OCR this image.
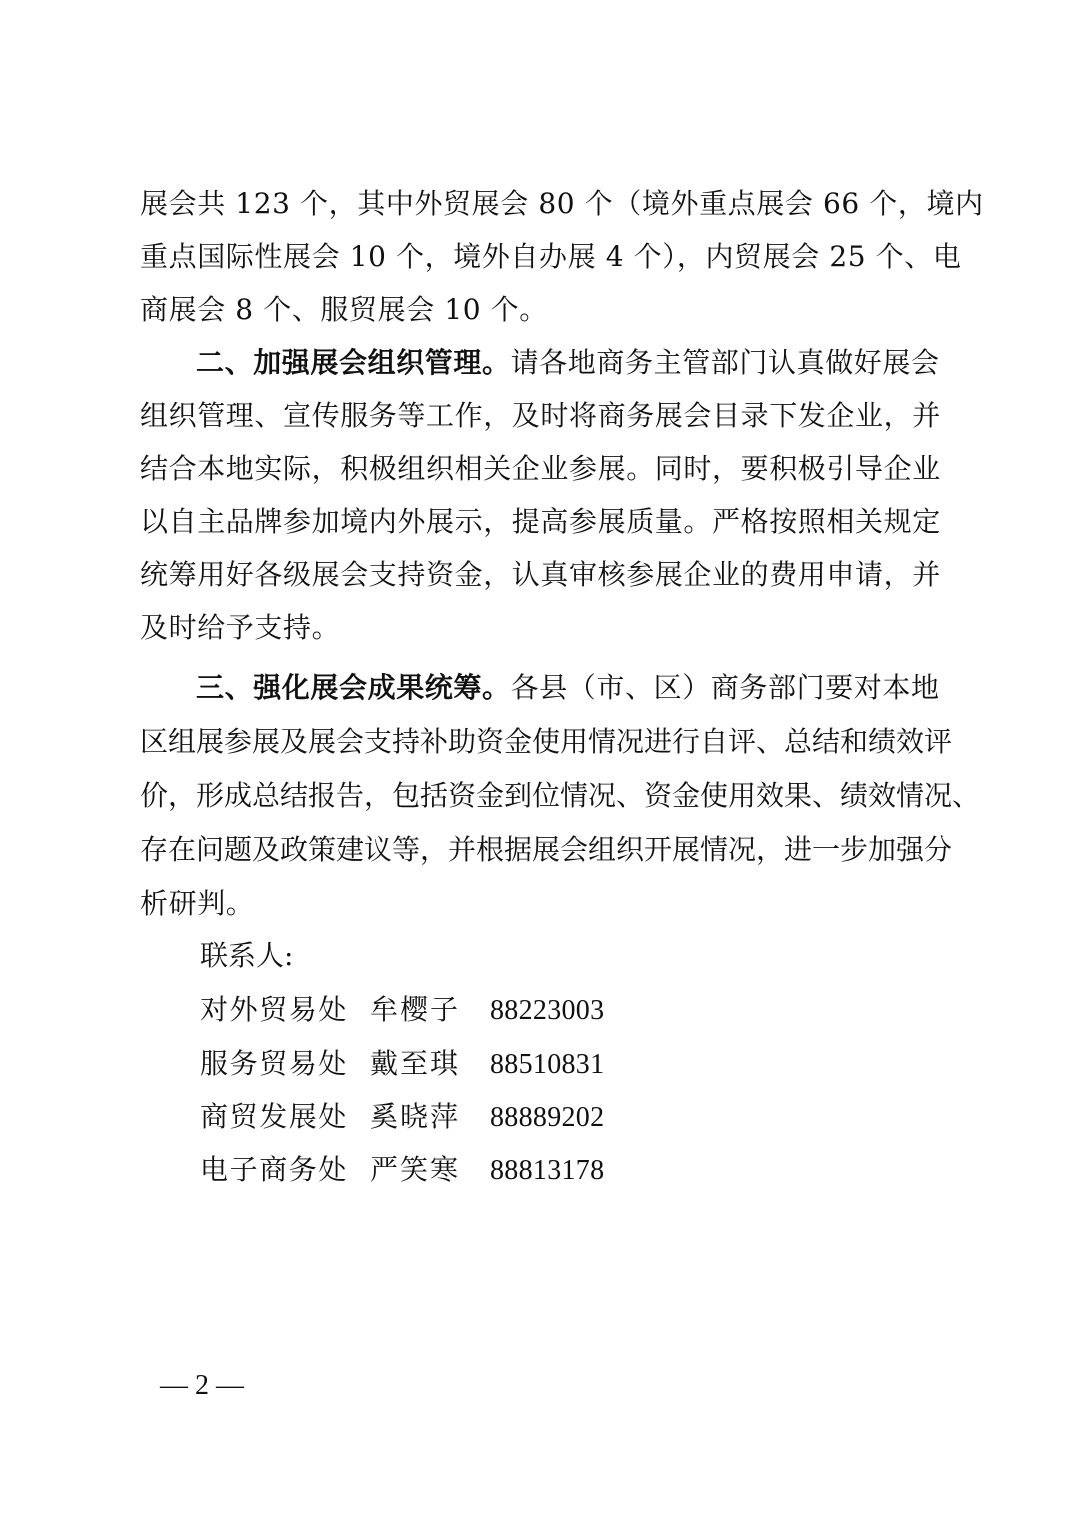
展会共 123 个，其中外贸展会 80 个（境外重点展会 66 个，境内
重点国际性展会 10 个，境外自办展 4 个），内贸展会 25 个、电
商展会 8 个、服贸展会 10 个。
二、加强展会组织管理。请各地商务主管部门认真做好展会
组织管理、宣传服务等工作，及时将商务展会目录下发企业，并
结合本地实际，积极组织相关企业参展。同时，要积极引导企业
以自主品牌参加境内外展示，提高参展质量。严格按照相关规定
统筹用好各级展会支持资金，认真审核参展企业的费用申请，并
及时给予支持。
三、强化展会成果统筹。各县（市、区）商务部门要对本地
区组展参展及展会支持补助资金使用情况进行自评、总结和绩效评
价，形成总结报告，包括资金到位情况、资金使用效果、绩效情况、
存在问题及政策建议等，并根据展会组织开展情况，进一步加强分
析研判。
联系人:
对外贸易处 牟樱子 88223003
服务贸易处 戴至琪 88510831
商贸发展处 奚晓萍 88889202
电子商务处 严笑寒 88813178
— 2 —
